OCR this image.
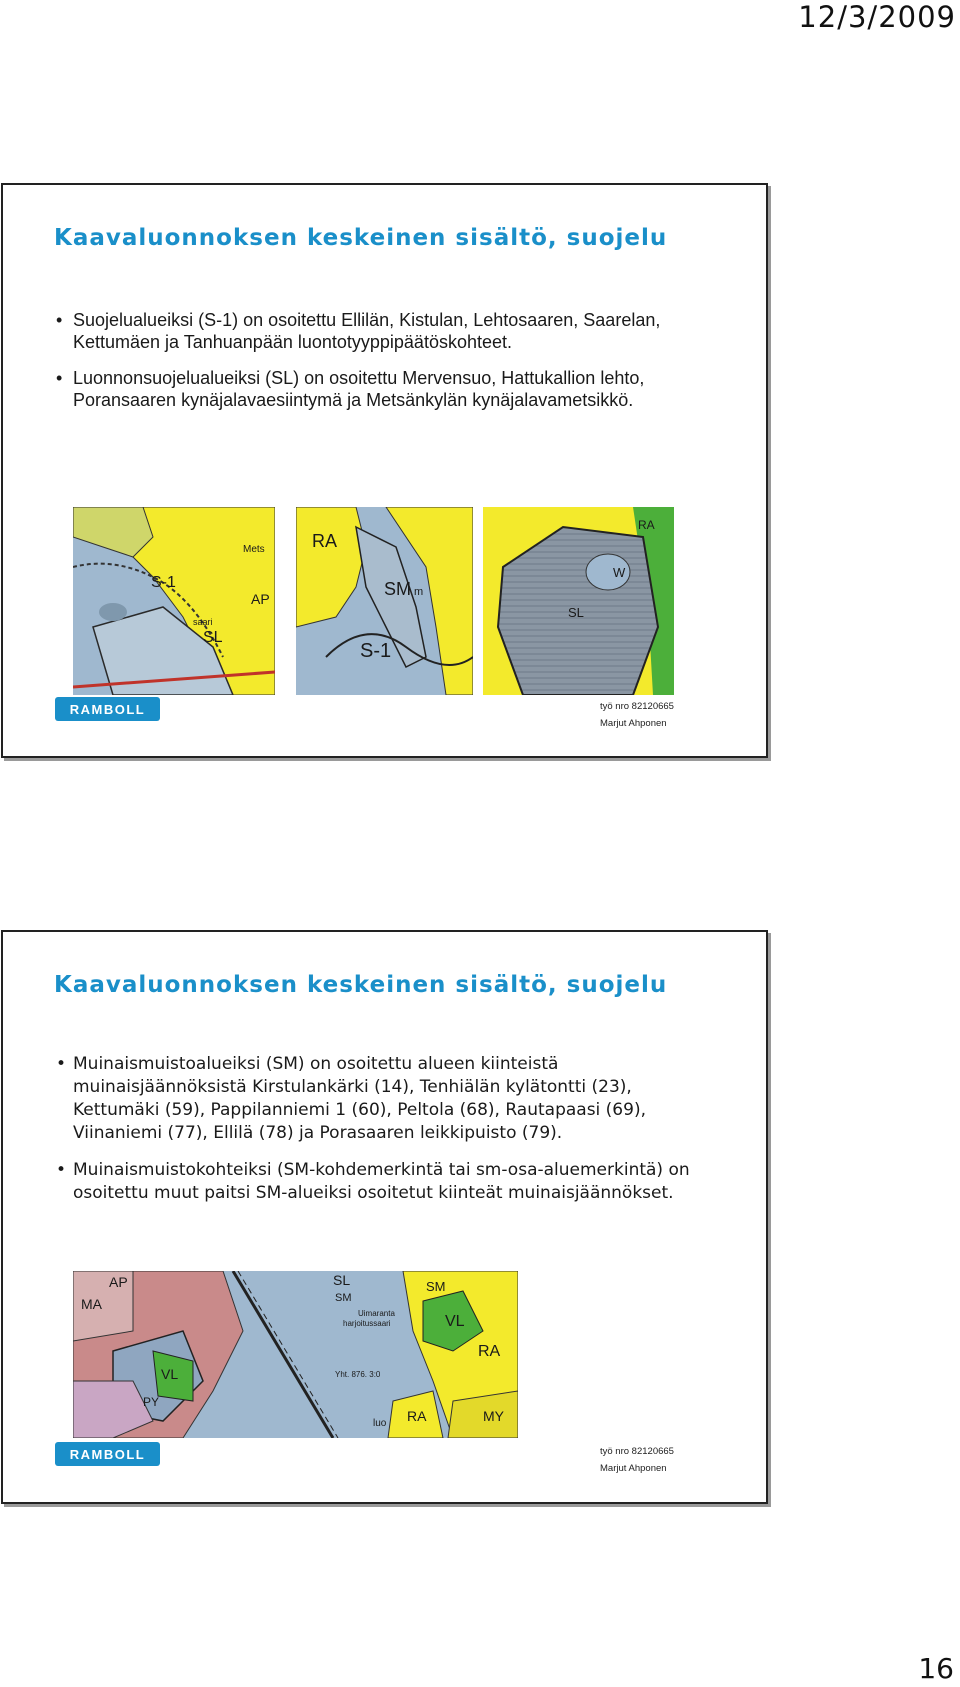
12/3/2009
Kaavaluonnoksen keskeinen sisältö, suojelu
• Suojelualueiksi (S-1) on osoitettu Ellilän, Kistulan, Lehtosaaren, Saarelan, Kettumäen ja Tanhuanpään luontotyyppipäätöskohteet.
• Luonnonsuojelualueiksi (SL) on osoitettu Mervensuo, Hattukallion lehto, Poransaaren kynäjalavaesiintymä ja Metsänkylän kynäjalavametsikkö.
S-1
SL
AP
Mets
saari
RA
SM m
S-1
RA
W
SL
RAMBOLL	työ nro 82120665
Marjut Ahponen
Kaavaluonnoksen keskeinen sisältö, suojelu
• Muinaismuistoalueiksi (SM) on osoitettu alueen kiinteistä muinaisjäännöksistä Kirstulankärki (14), Tenhiälän kylätontti (23), Kettumäki (59), Pappilanniemi 1 (60), Peltola (68), Rautapaasi (69), Viinaniemi (77), Ellilä (78) ja Porasaaren leikkipuisto (79).
• Muinaismuistokohteiksi (SM-kohdemerkintä tai sm-osa-aluemerkintä) on osoitettu muut paitsi SM-alueiksi osoitetut kiinteät muinaisjäännökset.
AP
MA
PY
VL
SL	SM
SM
VL
RA
RA	MY
luo
Yht. 876. 3:0
Uimaranta
harjoitussaari
RAMBOLL	työ nro 82120665
Marjut Ahponen
16
